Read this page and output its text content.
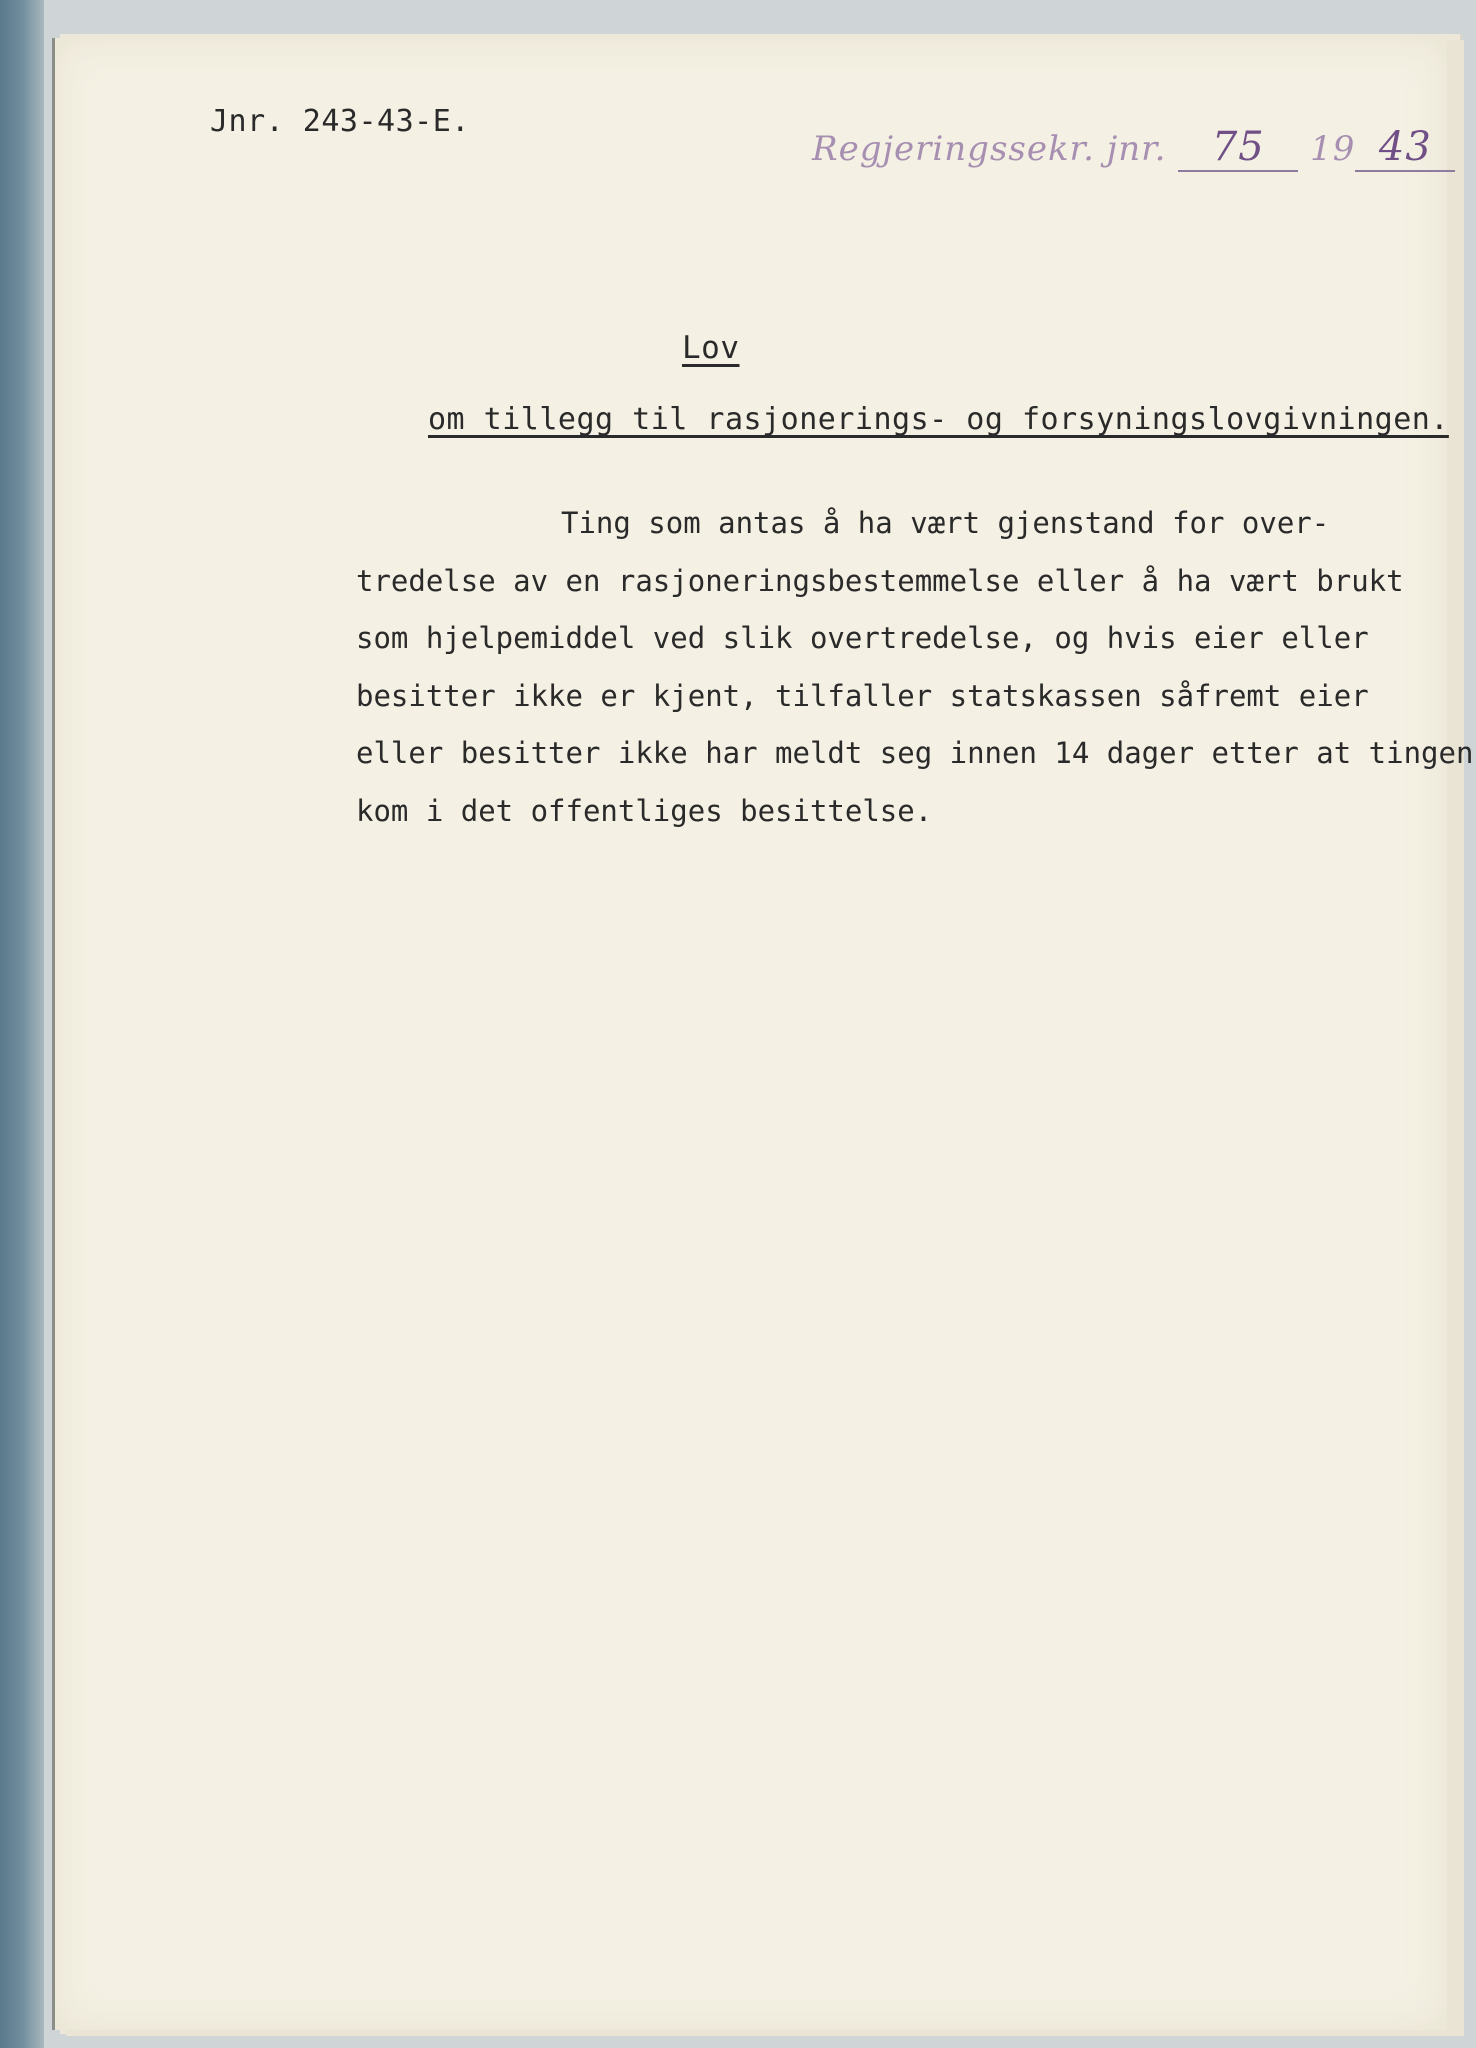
Jnr. 243-43-E.
Regjeringssekr. jnr. 75 19 43
Lov
om tillegg til rasjonerings- og forsyningslovgivningen.
Ting som antas å ha vært gjenstand for over-
tredelse av en rasjoneringsbestemmelse eller å ha vært brukt
som hjelpemiddel ved slik overtredelse, og hvis eier eller
besitter ikke er kjent, tilfaller statskassen såfremt eier
eller besitter ikke har meldt seg innen 14 dager etter at tingen
kom i det offentliges besittelse.
